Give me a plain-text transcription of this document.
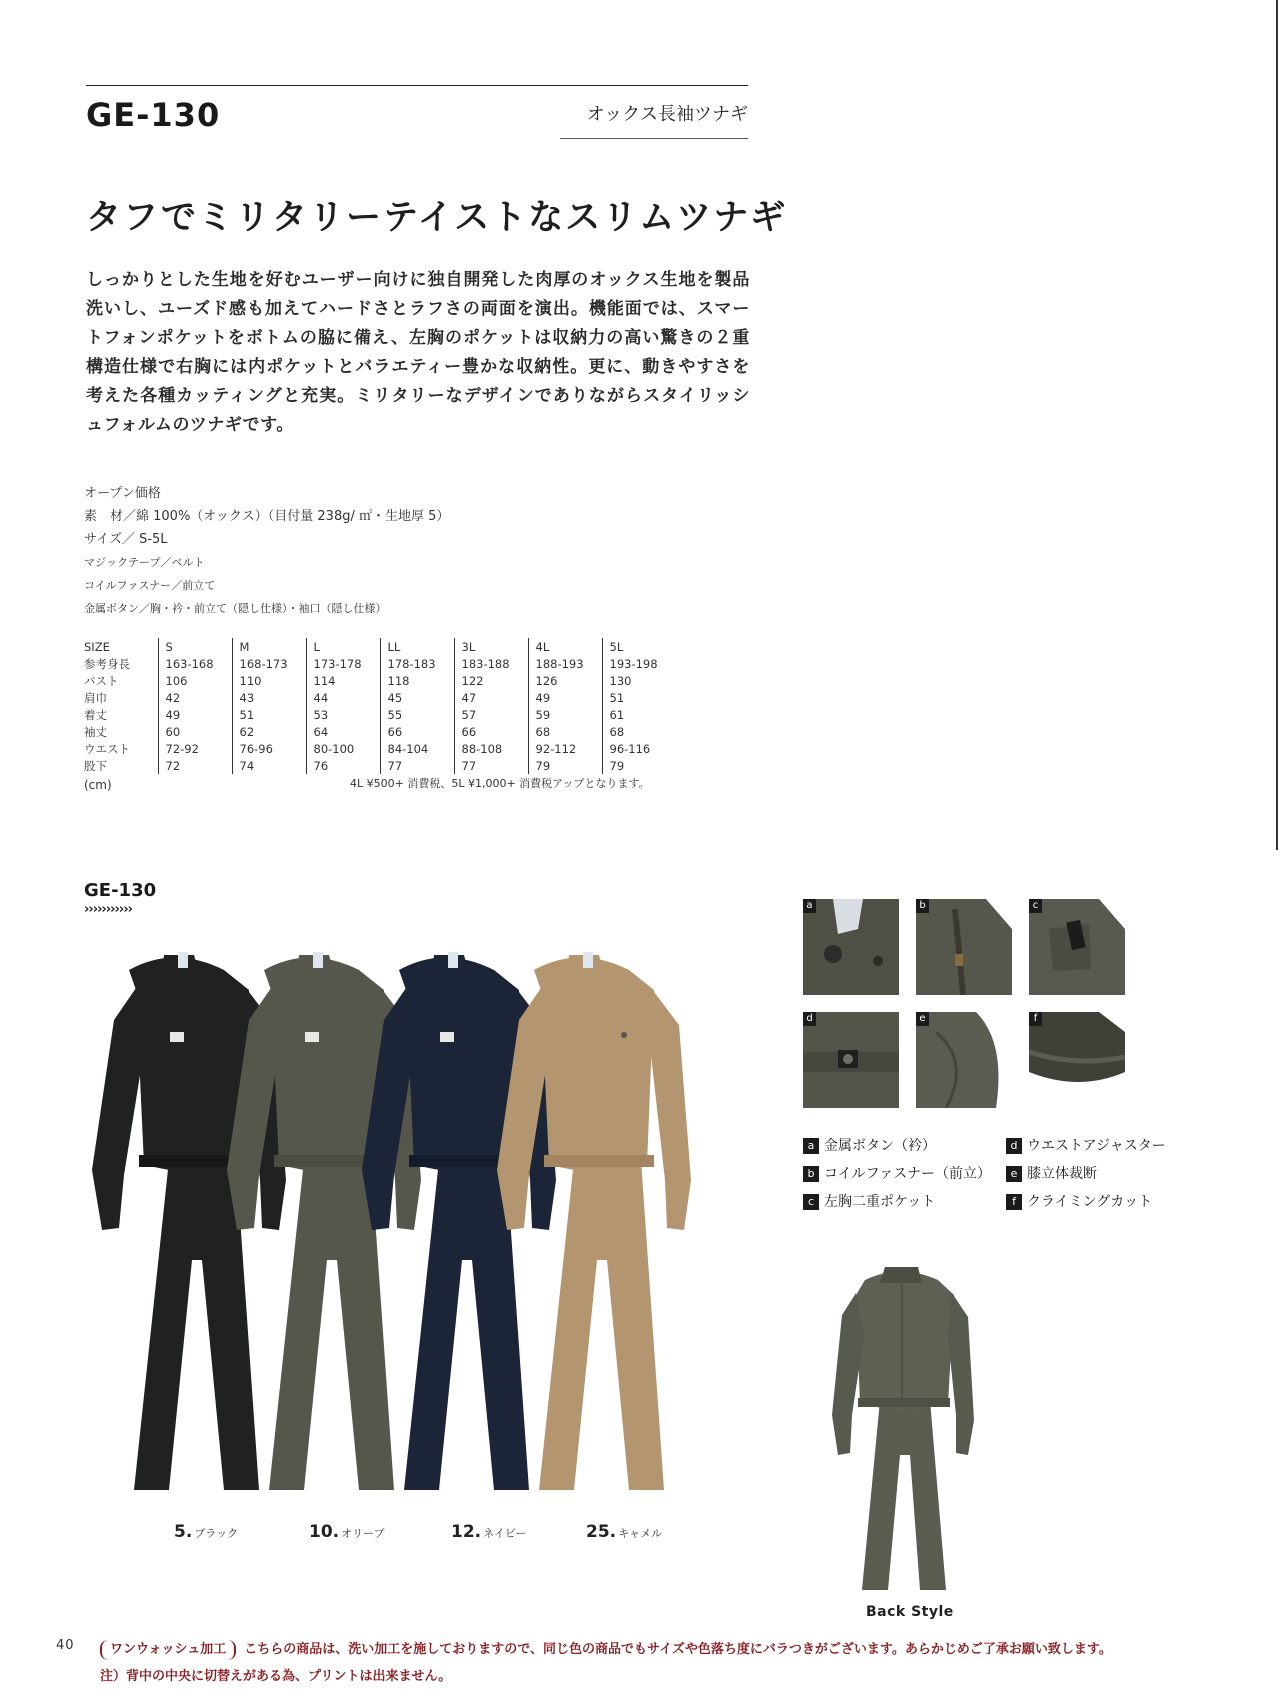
GE-130	オックス長袖ツナギ
タフでミリタリーテイストなスリムツナギ

しっかりとした生地を好むユーザー向けに独自開発した肉厚のオックス生地を製品洗いし、ユーズド感も加えてハードさとラフさの両面を演出。機能面では、スマートフォンポケットをボトムの脇に備え、左胸のポケットは収納力の高い驚きの２重構造仕様で右胸には内ポケットとバラエティー豊かな収納性。更に、動きやすさを考えた各種カッティングと充実。ミリタリーなデザインでありながらスタイリッシュフォルムのツナギです。

オープン価格
素　材／綿 100%（オックス）（目付量 238g/ ㎡・生地厚 5）
サイズ／ S-5L
マジックテープ／ベルト
コイルファスナー／前立て
金属ボタン／胸・衿・前立て（隠し仕様）・袖口（隠し仕様）
SIZE	S	M	L	LL	3L	4L	5L
参考身長	163-168	168-173	173-178	178-183	183-188	188-193	193-198
バスト	106	110	114	118	122	126	130
肩巾	42	43	44	45	47	49	51
着丈	49	51	53	55	57	59	61
袖丈	60	62	64	66	66	68	68
ウエスト	72-92	76-96	80-100	84-104	88-108	92-112	96-116
股下	72	74	76	77	77	79	79
(cm)	4L ¥500+ 消費税、5L ¥1,000+ 消費税アップとなります。
GE-130
›››››››››››
5. ブラック	10. オリーブ	12. ネイビー	25. キャメル
a	b	c
d	e	f
a 金属ボタン（衿）
b コイルファスナー（前立）
c 左胸二重ポケット
d ウエストアジャスター
e 膝立体裁断
f クライミングカット
Back Style
40	ワンウォッシュ加工 こちらの商品は、洗い加工を施しておりますので、同じ色の商品でもサイズや色落ち度にバラつきがございます。あらかじめご了承お願い致します。
注）背中の中央に切替えがある為、プリントは出来ません。
